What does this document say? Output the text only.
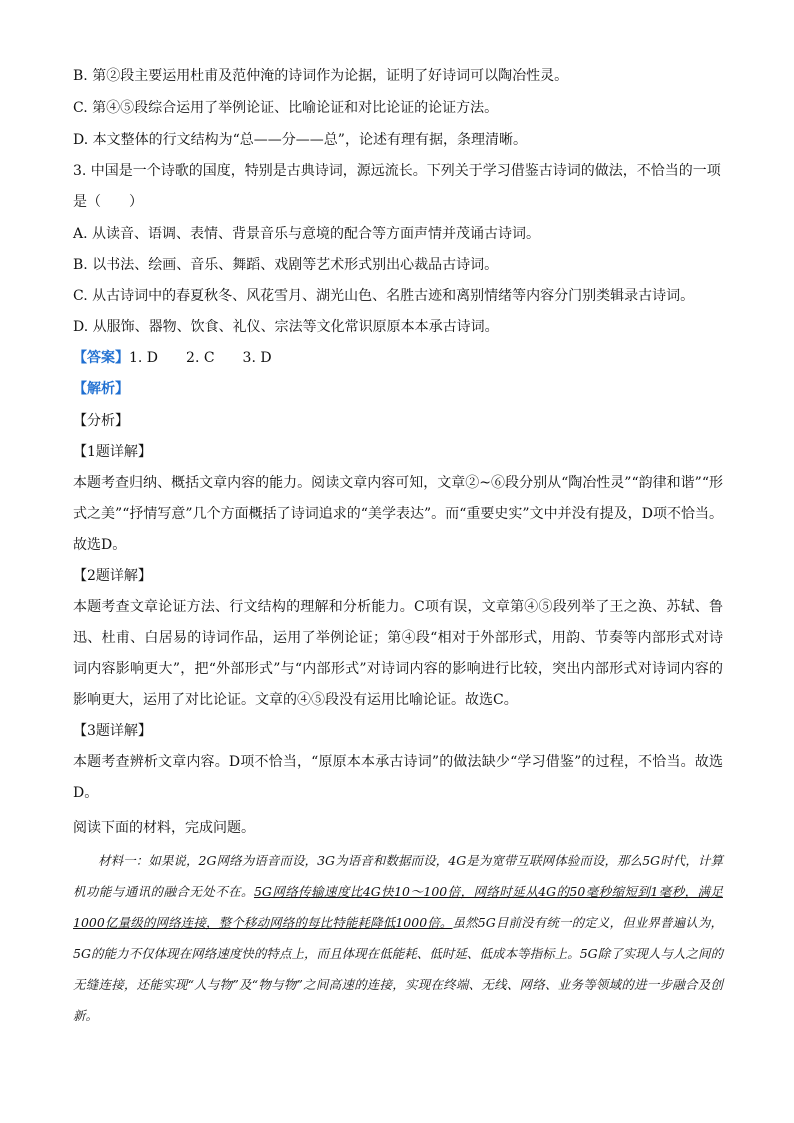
B. 第②段主要运用杜甫及范仲淹的诗词作为论据，证明了好诗词可以陶冶性灵。
C. 第④⑤段综合运用了举例论证、比喻论证和对比论证的论证方法。
D. 本文整体的行文结构为“总——分——总”，论述有理有据，条理清晰。
3. 中国是一个诗歌的国度，特别是古典诗词，源远流长。下列关于学习借鉴古诗词的做法，不恰当的一项
是（　　）
A. 从读音、语调、表情、背景音乐与意境的配合等方面声情并茂诵古诗词。
B. 以书法、绘画、音乐、舞蹈、戏剧等艺术形式别出心裁品古诗词。
C. 从古诗词中的春夏秋冬、风花雪月、湖光山色、名胜古迹和离别情绪等内容分门别类辑录古诗词。
D. 从服饰、器物、饮食、礼仪、宗法等文化常识原原本本承古诗词。
【答案】1. D　　2. C　　3. D
【解析】
【分析】
【1题详解】
本题考查归纳、概括文章内容的能力。阅读文章内容可知，文章②~⑥段分别从“陶冶性灵”“韵律和谐”“形式之美”“抒情写意”几个方面概括了诗词追求的“美学表达”。而“重要史实”文中并没有提及，D项不恰当。故选D。
【2题详解】
本题考查文章论证方法、行文结构的理解和分析能力。C项有误，文章第④⑤段列举了王之涣、苏轼、鲁迅、杜甫、白居易的诗词作品，运用了举例论证；第④段“相对于外部形式，用韵、节奏等内部形式对诗词内容影响更大”，把“外部形式”与“内部形式”对诗词内容的影响进行比较，突出内部形式对诗词内容的影响更大，运用了对比论证。文章的④⑤段没有运用比喻论证。故选C。
【3题详解】
本题考查辨析文章内容。D项不恰当，“原原本本承古诗词”的做法缺少“学习借鉴”的过程，不恰当。故选D。
阅读下面的材料，完成问题。
材料一：如果说，2G网络为语音而设，3G为语音和数据而设，4G是为宽带互联网体验而设，那么5G时代，计算机功能与通讯的融合无处不在。5G网络传输速度比4G快10～100倍，网络时延从4G的50毫秒缩短到1毫秒，满足1000亿量级的网络连接，整个移动网络的每比特能耗降低1000倍。虽然5G目前没有统一的定义，但业界普遍认为，5G的能力不仅体现在网络速度快的特点上，而且体现在低能耗、低时延、低成本等指标上。5G除了实现人与人之间的无缝连接，还能实现“人与物”及“物与物”之间高速的连接，实现在终端、无线、网络、业务等领域的进一步融合及创新。
